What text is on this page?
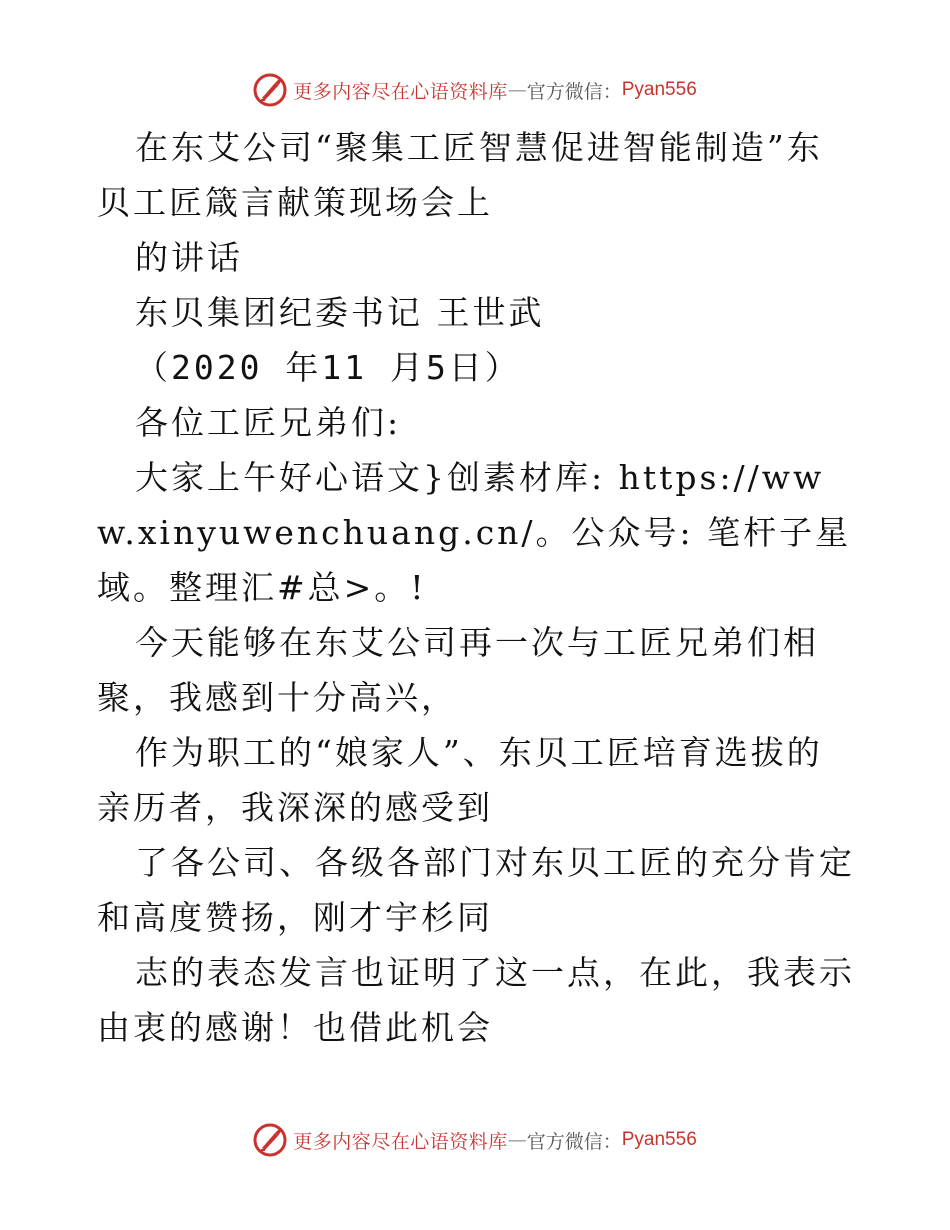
更多内容尽在心语资料库 — 官方微信： Pyan556

在东艾公司“聚集工匠智慧促进智能制造”东贝工匠箴言献策现场会上

的讲话

东贝集团纪委书记 王世武

（2020 年11 月5日）

各位工匠兄弟们:

大家上午好心语文}创素材库: https://www.xinyuwenchuang.cn/。公众号: 笔杆子星域。整理汇#总>。!

今天能够在东艾公司再一次与工匠兄弟们相聚，我感到十分高兴，

作为职工的“娘家人”、东贝工匠培育选拔的亲历者，我深深的感受到

了各公司、各级各部门对东贝工匠的充分肯定和高度赞扬，刚才宇杉同

志的表态发言也证明了这一点，在此，我表示由衷的感谢！也借此机会

更多内容尽在心语资料库 — 官方微信： Pyan556
